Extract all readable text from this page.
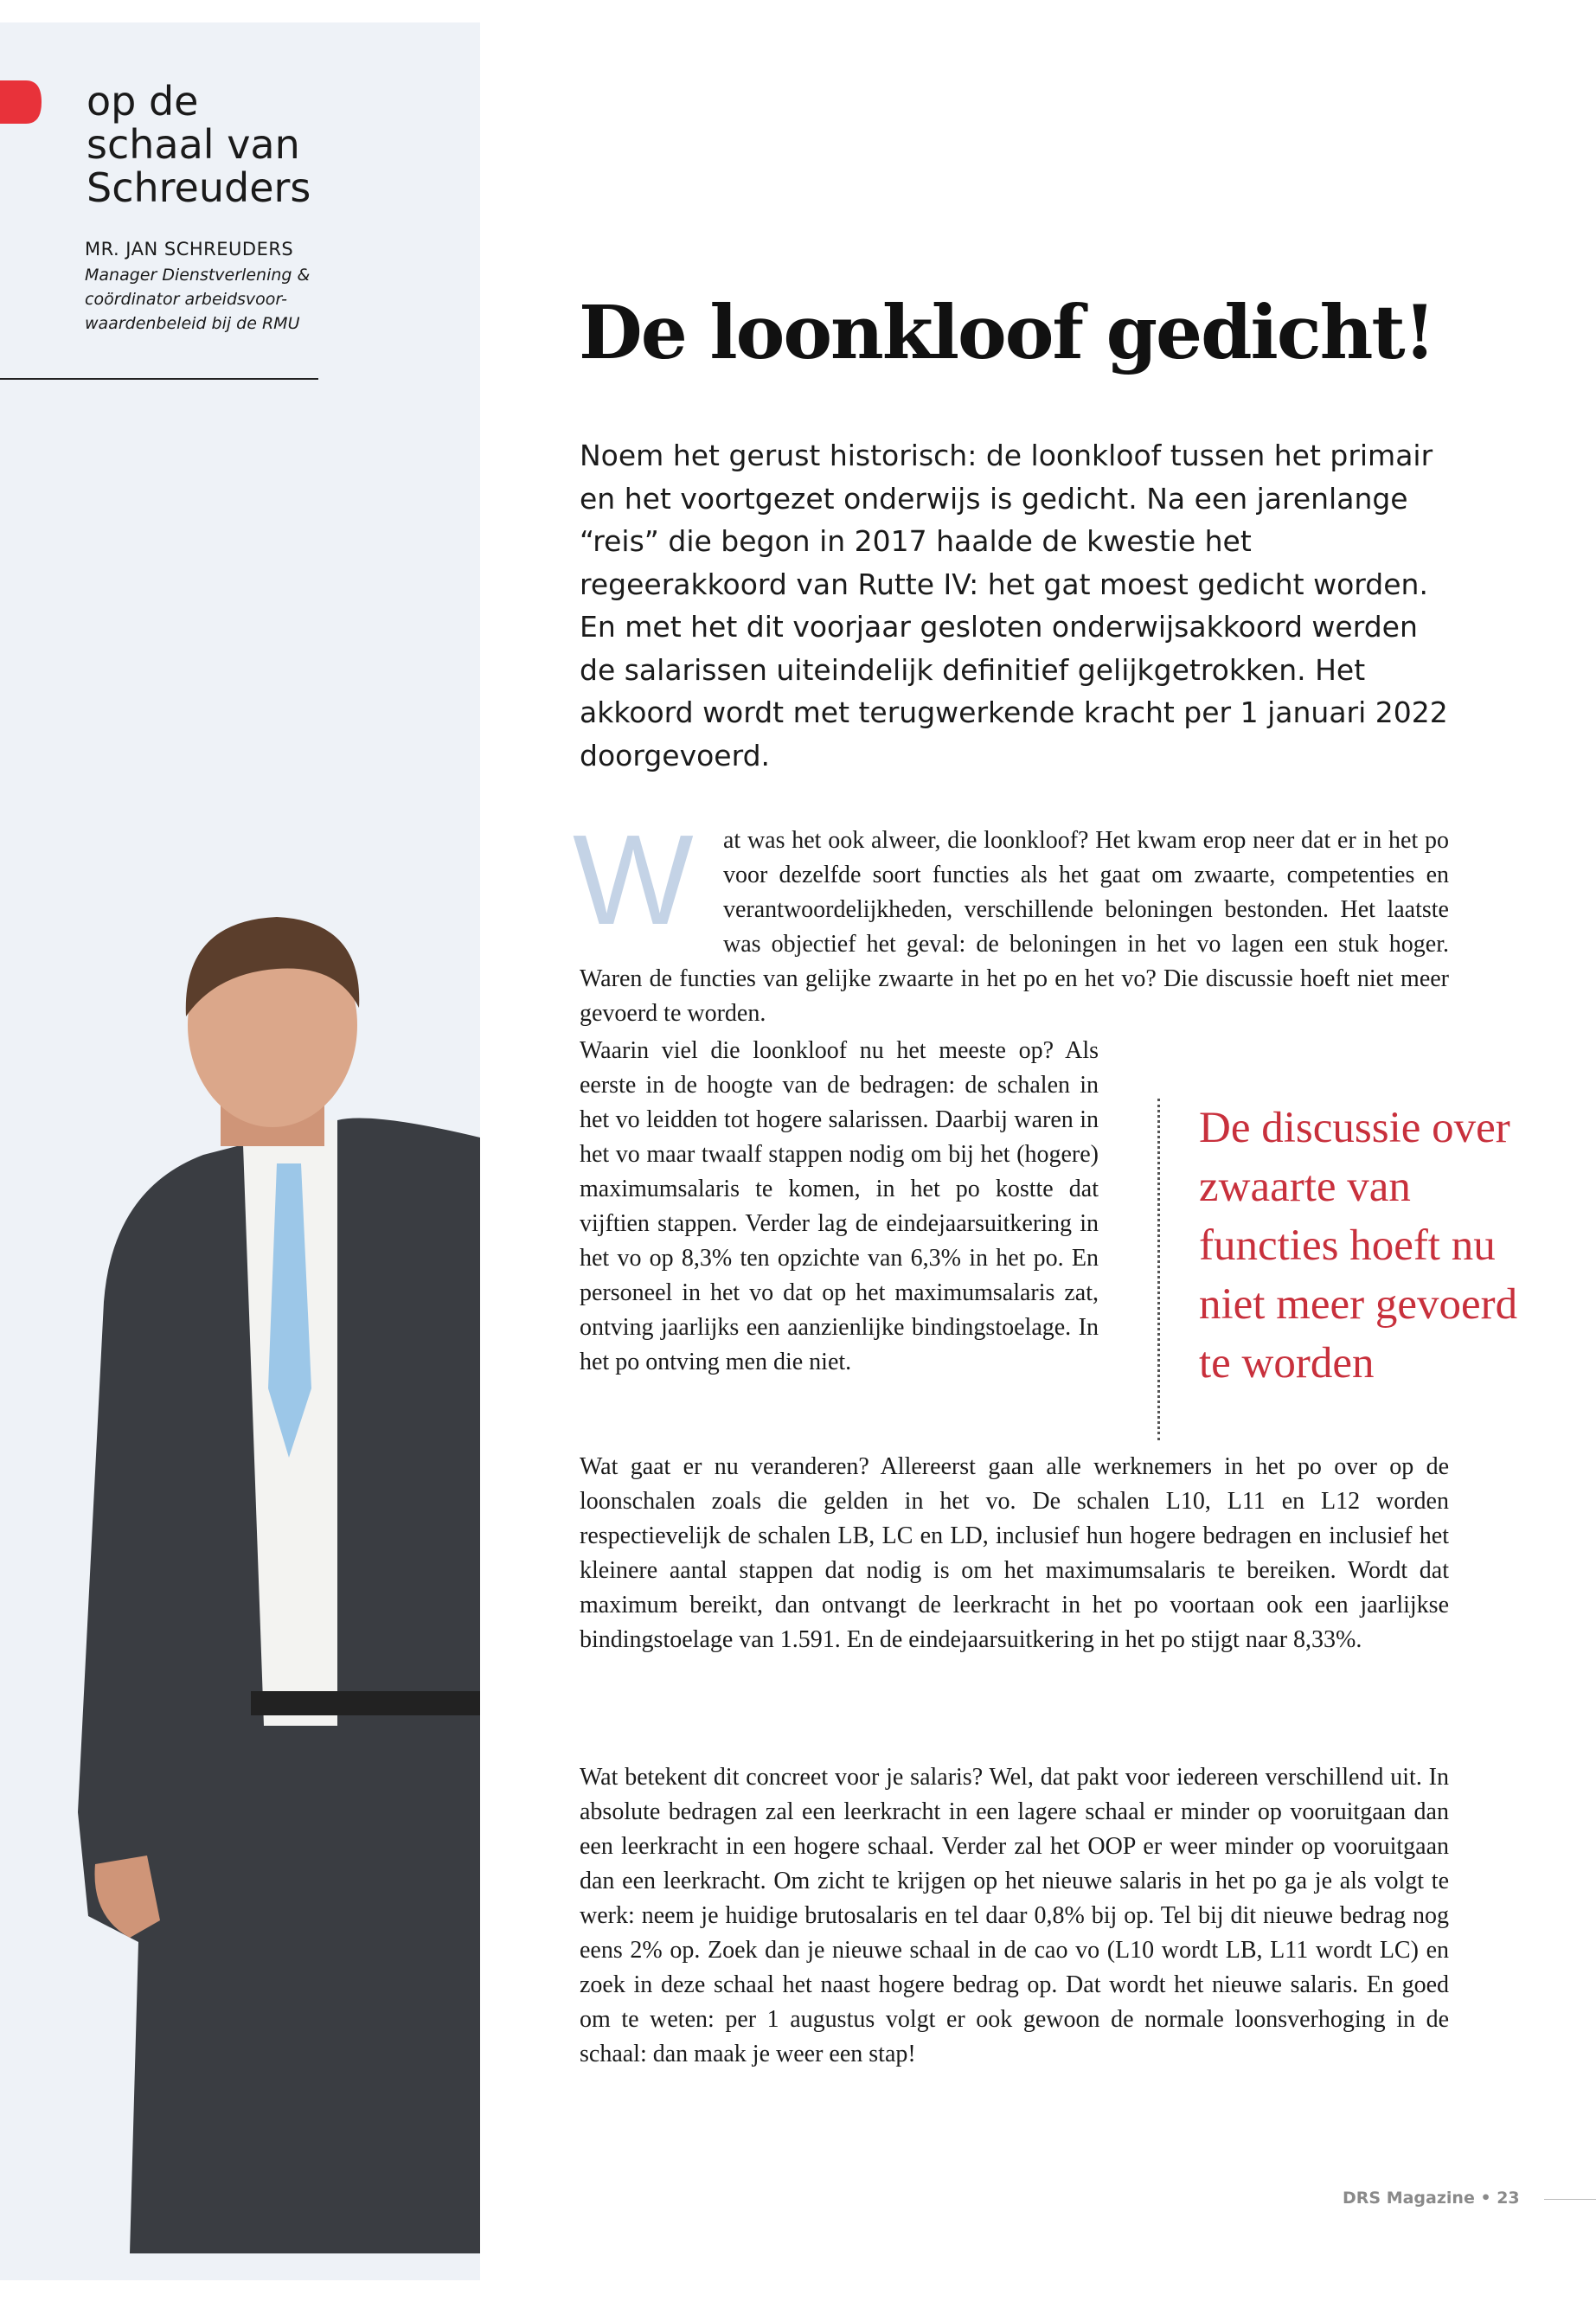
op de
schaal van
Schreuders
MR. JAN SCHREUDERS
Manager Dienstverlening & coördinator arbeidsvoor-waardenbeleid bij de RMU	De loonkloof gedicht!

Noem het gerust historisch: de loonkloof tussen het primair en het voortgezet onderwijs is gedicht. Na een jarenlange “reis” die begon in 2017 haalde de kwestie het regeerakkoord van Rutte IV: het gat moest gedicht worden. En met het dit voorjaar gesloten onderwijsakkoord werden de salarissen uiteindelijk definitief gelijkgetrokken. Het akkoord wordt met terugwerkende kracht per 1 januari 2022 doorgevoerd.

W	at was het ook alweer, die loonkloof? Het kwam erop neer dat er in het po voor dezelfde soort functies als het gaat om zwaarte, competenties en verantwoordelijkheden, verschillende beloningen bestonden. Het laatste was objectief het geval: de beloningen in het vo lagen een stuk hoger. Waren de functies van gelijke zwaarte in het po en het vo? Die discussie hoeft niet meer gevoerd te worden.

Waarin viel die loonkloof nu het meeste op? Als eerste in de hoogte van de bedragen: de schalen in het vo leidden tot hogere salarissen. Daarbij waren in het vo maar twaalf stappen nodig om bij het (hogere) maximumsalaris te komen, in het po kostte dat vijftien stappen. Verder lag de eindejaarsuitkering in het vo op 8,3% ten opzichte van 6,3% in het po. En personeel in het vo dat op het maximumsalaris zat, ontving jaarlijks een aanzienlijke bindingstoelage. In het po ontving men die niet.

De discussie over zwaarte van functies hoeft nu niet meer gevoerd te worden

Wat gaat er nu veranderen? Allereerst gaan alle werknemers in het po over op de loonschalen zoals die gelden in het vo. De schalen L10, L11 en L12 worden respectievelijk de schalen LB, LC en LD, inclusief hun hogere bedragen en inclusief het kleinere aantal stappen dat nodig is om het maximumsalaris te bereiken. Wordt dat maximum bereikt, dan ontvangt de leerkracht in het po voortaan ook een jaarlijkse bindingstoelage van 1.591. En de eindejaarsuitkering in het po stijgt naar 8,33%.

Wat betekent dit concreet voor je salaris? Wel, dat pakt voor iedereen verschillend uit. In absolute bedragen zal een leerkracht in een lagere schaal er minder op vooruitgaan dan een leerkracht in een hogere schaal. Verder zal het OOP er weer minder op vooruitgaan dan een leerkracht. Om zicht te krijgen op het nieuwe salaris in het po ga je als volgt te werk: neem je huidige brutosalaris en tel daar 0,8% bij op. Tel bij dit nieuwe bedrag nog eens 2% op. Zoek dan je nieuwe schaal in de cao vo (L10 wordt LB, L11 wordt LC) en zoek in deze schaal het naast hogere bedrag op. Dat wordt het nieuwe salaris. En goed om te weten: per 1 augustus volgt er ook gewoon de normale loonsverhoging in de schaal: dan maak je weer een stap!

DRS Magazine • 23
